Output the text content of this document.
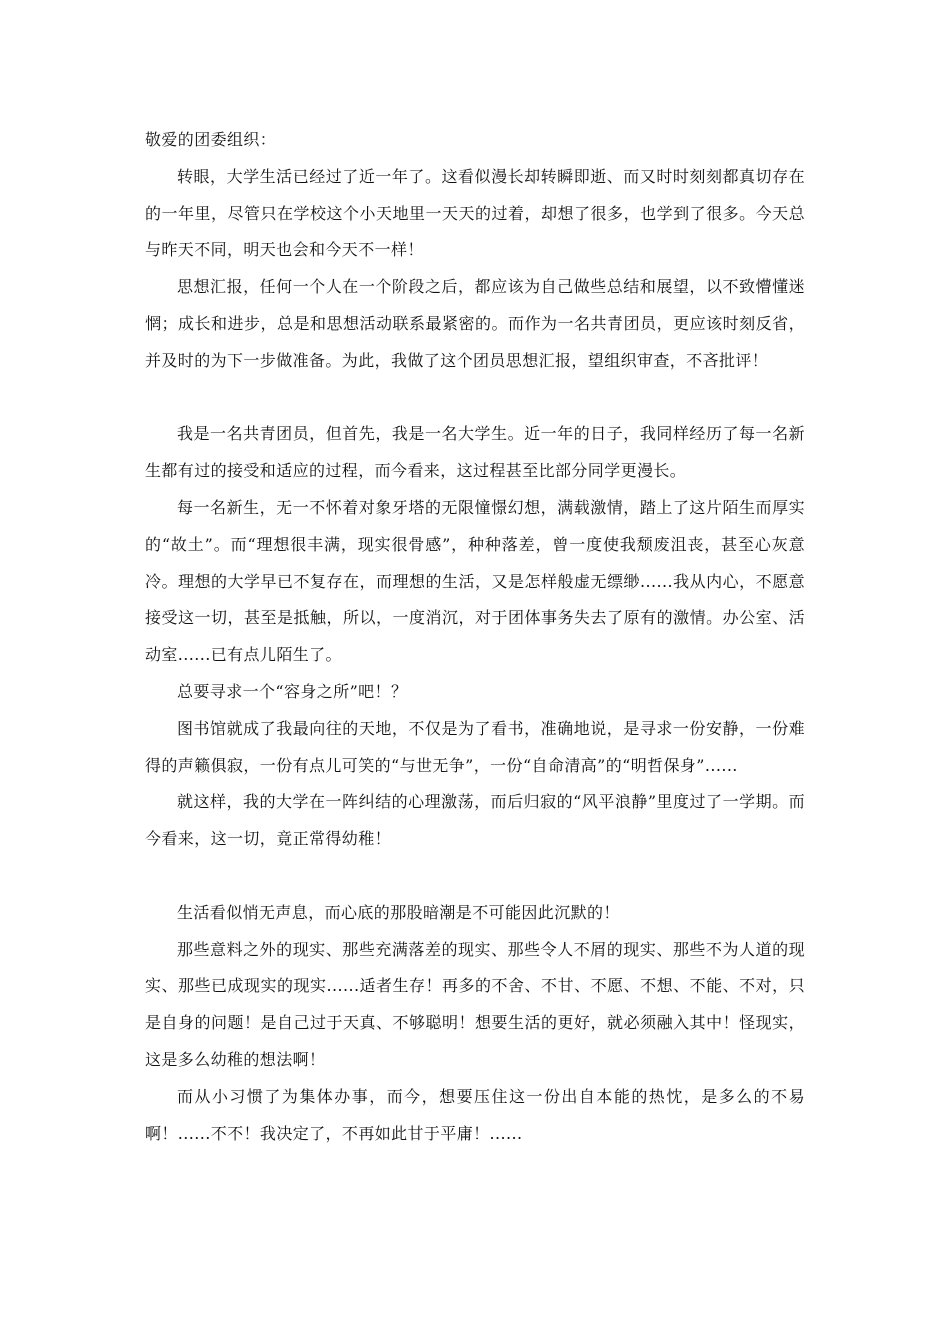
敬爱的团委组织：

转眼，大学生活已经过了近一年了。这看似漫长却转瞬即逝、而又时时刻刻都真切存在的一年里，尽管只在学校这个小天地里一天天的过着，却想了很多，也学到了很多。今天总与昨天不同，明天也会和今天不一样！

思想汇报，任何一个人在一个阶段之后，都应该为自己做些总结和展望，以不致懵懂迷惘；成长和进步，总是和思想活动联系最紧密的。而作为一名共青团员，更应该时刻反省，并及时的为下一步做准备。为此，我做了这个团员思想汇报，望组织审查，不吝批评！

我是一名共青团员，但首先，我是一名大学生。近一年的日子，我同样经历了每一名新生都有过的接受和适应的过程，而今看来，这过程甚至比部分同学更漫长。

每一名新生，无一不怀着对象牙塔的无限憧憬幻想，满载激情，踏上了这片陌生而厚实的“故土”。而“理想很丰满，现实很骨感”，种种落差，曾一度使我颓废沮丧，甚至心灰意冷。理想的大学早已不复存在，而理想的生活，又是怎样般虚无缥缈......我从内心，不愿意接受这一切，甚至是抵触，所以，一度消沉，对于团体事务失去了原有的激情。办公室、活动室......已有点儿陌生了。

总要寻求一个“容身之所”吧！？

图书馆就成了我最向往的天地，不仅是为了看书，准确地说，是寻求一份安静，一份难得的声籁俱寂，一份有点儿可笑的“与世无争”，一份“自命清高”的“明哲保身”......

就这样，我的大学在一阵纠结的心理激荡，而后归寂的“风平浪静”里度过了一学期。而今看来，这一切，竟正常得幼稚！

生活看似悄无声息，而心底的那股暗潮是不可能因此沉默的！

那些意料之外的现实、那些充满落差的现实、那些令人不屑的现实、那些不为人道的现实、那些已成现实的现实......适者生存！再多的不舍、不甘、不愿、不想、不能、不对，只是自身的问题！是自己过于天真、不够聪明！想要生活的更好，就必须融入其中！怪现实，这是多么幼稚的想法啊！

而从小习惯了为集体办事，而今，想要压住这一份出自本能的热忱，是多么的不易啊！......不不！我决定了，不再如此甘于平庸！......
